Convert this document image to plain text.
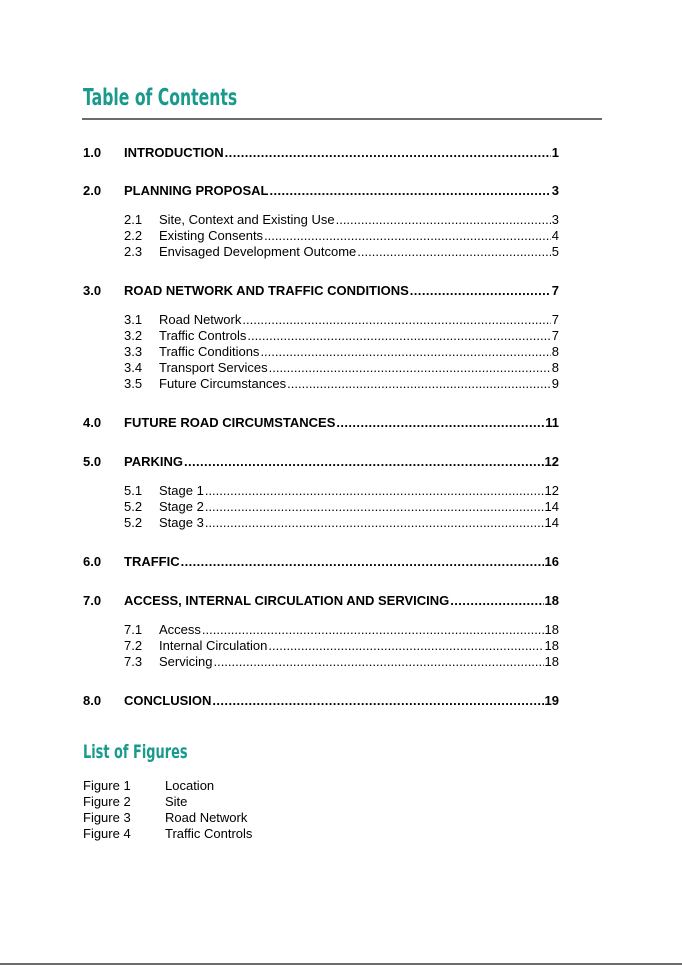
Table of Contents
1.0	INTRODUCTION .....	1
2.0	PLANNING PROPOSAL .....	3
2.1	Site, Context and Existing Use .....	3
2.2	Existing Consents .....	4
2.3	Envisaged Development Outcome .....	5
3.0	ROAD NETWORK AND TRAFFIC CONDITIONS .....	7
3.1	Road Network .....	7
3.2	Traffic Controls .....	7
3.3	Traffic Conditions .....	8
3.4	Transport Services .....	8
3.5	Future Circumstances .....	9
4.0	FUTURE ROAD CIRCUMSTANCES .....	11
5.0	PARKING .....	12
5.1	Stage 1 .....	12
5.2	Stage 2 .....	14
5.2	Stage 3 .....	14
6.0	TRAFFIC .....	16
7.0	ACCESS, INTERNAL CIRCULATION AND SERVICING .....	18
7.1	Access .....	18
7.2	Internal Circulation .....	18
7.3	Servicing .....	18
8.0	CONCLUSION .....	19
List of Figures
Figure 1	Location
Figure 2	Site
Figure 3	Road Network
Figure 4	Traffic Controls
